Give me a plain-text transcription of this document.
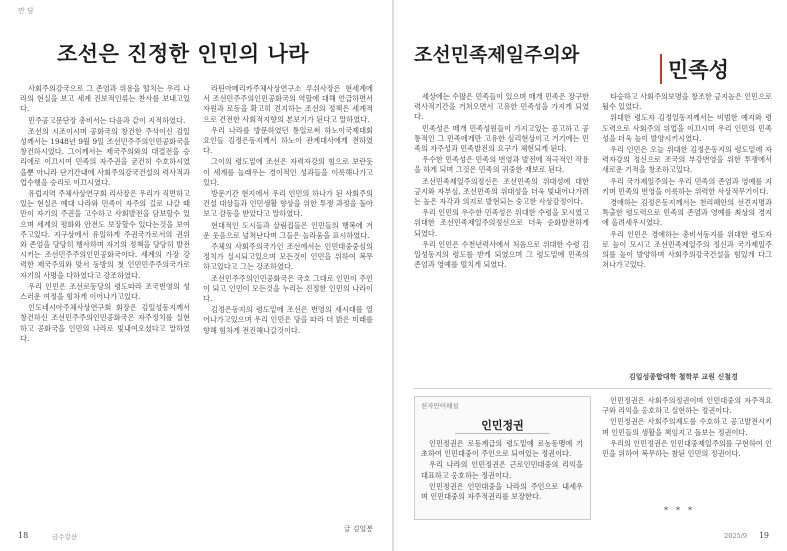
만 담
조선은 진정한 인민의 나라

사회주의강국으로 그 존엄과 위용을 떨치는 우리 나라의 현실을 보고 세계 진보적인류는 찬사를 보내고있다.

민주공고문단장 총비서는 다음과 같이 지적하였다.

조선의 시조이시며 공화국의 창건한 주석이신 김일성께서는 1948년 9월 9일 조선민주주의인민공화국을 창건하시었다. 그이께서는 제국주의와의 대결전을 승리에로 이끄시여 민족의 자주권을 굳건히 수호하시였을뿐 아니라 단기간내에 사회주의강국건설의 력사적과업수행을 승리로 이끄시였다.

유럽지역 주체사상연구회 리사장은 우리가 직면하고있는 현실은 예대 나라와 민족이 자주의 길로 나갈 때만이 자기의 주권을 고수하고 사회발전을 담보할수 있으며 세계의 평화와 안전도 보장할수 있다는것을 보여주고있다. 지구상에서 유일하게 주권국가로서의 권위와 존엄을 당당히 행사하며 자기의 정책을 당당히 발전시키는 조선민주주의인민공화국이다. 세계의 가장 강력한 제국주의와 맞서 동방의 첫 인민민주주의국가로 자기의 사명을 다하였다고 강조하였다.

우리 인민은 조선로동당의 령도따라 조국번영의 성스러운 여정을 힘차게 이어나가고있다.

인도네시아주체사상연구회 회장은 김일성동지께서 창건하신 조선민주주의인민공화국은 자주정치를 실현하고 공화국을 인민의 나라로 빛내여오셨다고 말하였다.

라틴아메리카주체사상연구소 루쉬사장은 현세계에서 조선민주주의인민공화국의 역할에 대해 언급하면서 자원과 로동을 확고히 견지하는 조선의 정책은 세계적으로 건전한 사회적지향의 본보기가 된다고 말하였다.

우리 나라를 방문하였던 통일로써 하노이국제대회 요인들 김정은동지께서 하노이 관계대사에게 전하였다.

그이의 령도밑에 조선은 자력자강의 힘으로 보란듯이 세계를 놀래우는 경이적인 성과들을 이룩해나가고있다.

방문기간 현지에서 우리 인민의 하나가 된 사회주의건설 대상들과 인민생활 향상을 위한 투쟁 과정을 돌아보고 감동을 받았다고 말하였다.

현대적인 도시들과 살림집들은 인민들의 행복에 겨운 웃음으로 넘쳐난다며 그들은 놀라움을 표시하였다.

주체의 사회주의국가인 조선에서는 인민대중중심의 정치가 실시되고있으며 모든것이 인민을 위하여 복무하고있다고 그는 강조하였다.

조선민주주의인민공화국은 국호 그대로 인민이 주인이 되고 인민이 모든것을 누리는 진정한 인민의 나라이다.

김정은동지의 령도밑에 조선은 번영의 새시대를 열어나가고있으며 우리 인민은 당을 따라 더 밝은 미래를 향해 힘차게 전진해나갈것이다.

글 김일봉
18	금수강산
조선민족제일주의와
민족성

세상에는 수많은 민족들이 있으며 매개 민족은 장구한 력사적기간을 거쳐오면서 고유한 민족성을 가지게 되였다.

민족성은 매개 민족성원들이 가지고있는 공고하고 공통적인 그 민족에게만 고유한 심리현상이고 거기에는 민족의 자주성과 민족발전의 요구가 체현되게 된다.

우수한 민족성은 민족의 번영과 발전에 적극적인 작용을 하게 되며 그것은 민족의 귀중한 재보로 된다.

조선민족제일주의정신은 조선민족의 위대성에 대한 긍지와 자부심, 조선민족의 위대성을 더욱 빛내어나가려는 높은 자각과 의지로 발현되는 숭고한 사상감정이다.

우리 인민의 우수한 민족성은 위대한 수령을 모시였고 위대한 조선민족제일주의정신으로 더욱 순화발전하게 되였다.

우리 인민은 수천년력사에서 처음으로 위대한 수령 김일성동지의 령도를 받게 되였으며 그 령도밑에 민족의 존엄과 영예를 떨치게 되였다.

타승하고 사회주의보명을 창조한 긍지높은 인민으로 될수 있었다.

위대한 령도자 김정일동지께서는 비범한 예지와 령도력으로 사회주의 위업을 이끄시며 우리 인민의 민족성을 더욱 높이 발양시키시였다.

우리 인민은 오늘 위대한 김정은동지의 령도밑에 자력자강의 정신으로 조국의 부강번영을 위한 투쟁에서 새로운 기적을 창조하고있다.

우리 국가제일주의는 우리 민족의 존엄과 영예를 지키며 민족의 번영을 이룩하는 위력한 사상적무기이다.

경애하는 김정은동지께서는 천리혜안의 선견지명과 특출한 령도력으로 민족의 존엄과 영예를 최상의 경지에 올려세우시였다.

우리 인민은 경애하는 총비서동지를 위대한 령도자로 높이 모시고 조선민족제일주의 정신과 국가제일주의를 높이 발양하며 사회주의강국건설을 힘있게 다그쳐나가고있다.

김일성종합대학 철학부 교원 신철경
천자만어해설
인민정권

인민정권은 로동계급의 령도밑에 로농동맹에 기초하여 인민대중이 주인으로 되여있는 정권이다.

우리 나라의 인민정권은 근로인민대중의 리익을 대표하고 옹호하는 정권이다.

인민정권은 인민대중을 나라의 주인으로 내세우며 인민대중의 자주적권리를 보장한다.

인민정권은 사회주의정권이며 인민대중의 자주적요구와 리익을 옹호하고 실현하는 정권이다.

인민정권은 사회주의제도를 수호하고 공고발전시키며 인민들의 생활을 책임지고 돌보는 정권이다.

우리의 인민정권은 인민대중제일주의를 구현하여 인민을 위하여 복무하는 참된 인민의 정권이다.

***
2025/9 19
